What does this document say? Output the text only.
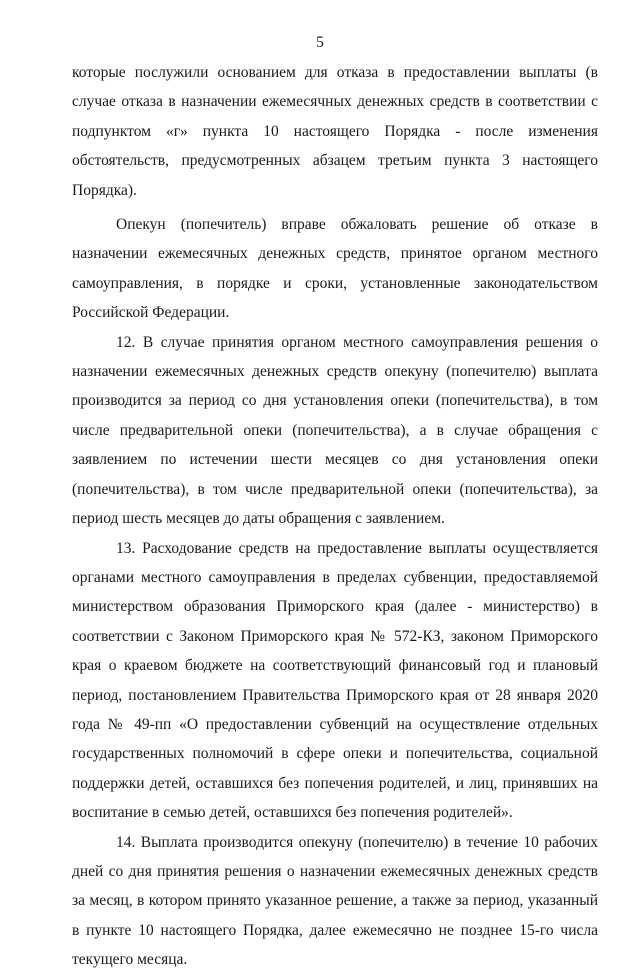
5

которые послужили основанием для отказа в предоставлении выплаты (в случае отказа в назначении ежемесячных денежных средств в соответствии с подпунктом «г» пункта 10 настоящего Порядка - после изменения обстоятельств, предусмотренных абзацем третьим пункта 3 настоящего Порядка).

Опекун (попечитель) вправе обжаловать решение об отказе в назначении ежемесячных денежных средств, принятое органом местного самоуправления, в порядке и сроки, установленные законодательством Российской Федерации.

12. В случае принятия органом местного самоуправления решения о назначении ежемесячных денежных средств опекуну (попечителю) выплата производится за период со дня установления опеки (попечительства), в том числе предварительной опеки (попечительства), а в случае обращения с заявлением по истечении шести месяцев со дня установления опеки (попечительства), в том числе предварительной опеки (попечительства), за период шесть месяцев до даты обращения с заявлением.

13. Расходование средств на предоставление выплаты осуществляется органами местного самоуправления в пределах субвенции, предоставляемой министерством образования Приморского края (далее - министерство) в соответствии с Законом Приморского края № 572-КЗ, законом Приморского края о краевом бюджете на соответствующий финансовый год и плановый период, постановлением Правительства Приморского края от 28 января 2020 года № 49-пп «О предоставлении субвенций на осуществление отдельных государственных полномочий в сфере опеки и попечительства, социальной поддержки детей, оставшихся без попечения родителей, и лиц, принявших на воспитание в семью детей, оставшихся без попечения родителей».

14. Выплата производится опекуну (попечителю) в течение 10 рабочих дней со дня принятия решения о назначении ежемесячных денежных средств за месяц, в котором принято указанное решение, а также за период, указанный в пункте 10 настоящего Порядка, далее ежемесячно не позднее 15-го числа текущего месяца.
